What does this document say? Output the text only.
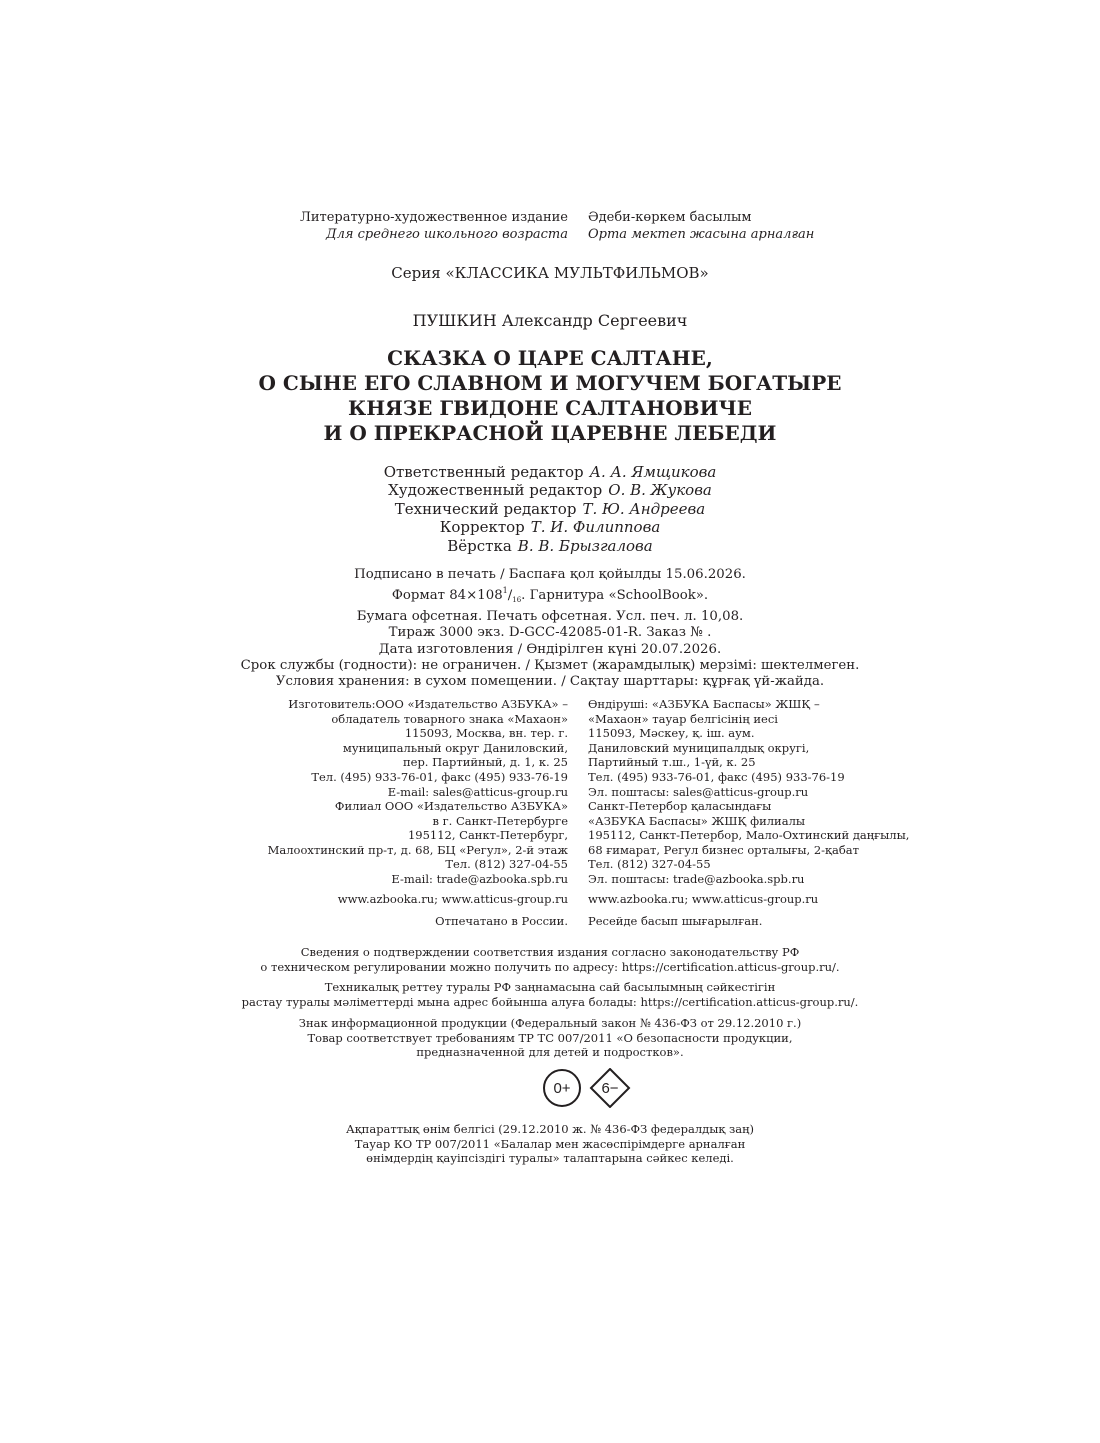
Литературно-художественное издание
Для среднего школьного возраста
Әдеби-көркем басылым
Орта мектеп жасына арналған
Серия «КЛАССИКА МУЛЬТФИЛЬМОВ»
ПУШКИН Александр Сергеевич
СКАЗКА О ЦАРЕ САЛТАНЕ,
О СЫНЕ ЕГО СЛАВНОМ И МОГУЧЕМ БОГАТЫРЕ
КНЯЗЕ ГВИДОНЕ САЛТАНОВИЧЕ
И О ПРЕКРАСНОЙ ЦАРЕВНЕ ЛЕБЕДИ
Ответственный редактор А. А. Ямщикова
Художественный редактор О. В. Жукова
Технический редактор Т. Ю. Андреева
Корректор Т. И. Филиппова
Вёрстка В. В. Брызгалова
Подписано в печать / Баспаға қол қойылды 15.06.2026.
Формат $84\times 108^1/_{16}$. Гарнитура «SchoolBook».
Бумага офсетная. Печать офсетная. Усл. печ. л. 10,08.
Тираж 3000 экз. D-GCC-42085-01-R. Заказ № .
Дата изготовления / Өндірілген күні 20.07.2026.
Срок службы (годности): не ограничен. / Қызмет (жарамдылық) мерзімі: шектелмеген.
Условия хранения: в сухом помещении. / Сақтау шарттары: құрғақ үй-жайда.
Изготовитель:ООО «Издательство АЗБУКА» –
обладатель товарного знака «Махаон»
115093, Москва, вн. тер. г.
муниципальный округ Даниловский,
пер. Партийный, д. 1, к. 25
Тел. (495) 933-76-01, факс (495) 933-76-19
E-mail: sales@atticus-group.ru
Өндіруші: «АЗБУКА Баспасы» ЖШҚ –
«Махаон» тауар белгісінің иесі
115093, Мәскеу, қ. іш. аум.
Даниловский муниципалдық округі,
Партийный т.ш., 1-үй, к. 25
Тел. (495) 933-76-01, факс (495) 933-76-19
Эл. поштасы: sales@atticus-group.ru
Филиал ООО «Издательство АЗБУКА»
в г. Санкт-Петербурге
195112, Санкт-Петербург,
Малоохтинский пр-т, д. 68, БЦ «Регул», 2-й этаж
Тел. (812) 327-04-55
E-mail: trade@azbooka.spb.ru
Санкт-Петербор қаласындағы
«АЗБУКА Баспасы» ЖШҚ филиалы
195112, Санкт-Петербор, Мало-Охтинский даңғылы,
68 ғимарат, Регул бизнес орталығы, 2-қабат
Тел. (812) 327-04-55
Эл. поштасы: trade@azbooka.spb.ru
www.azbooka.ru; www.atticus-group.ru www.azbooka.ru; www.atticus-group.ru
Отпечатано в России. Ресейде басып шығарылған.
Сведения о подтверждении соответствия издания согласно законодательству РФ
о техническом регулировании можно получить по адресу: https://certification.atticus-group.ru/.
Техникалық реттеу туралы РФ заңнамасына сай басылымның сәйкестігін
растау туралы мәліметтерді мына адрес бойынша алуға болады: https://certification.atticus-group.ru/.
Знак информационной продукции (Федеральный закон № 436-ФЗ от 29.12.2010 г.)
Товар соответствует требованиям ТР ТС 007/2011 «О безопасности продукции,
предназначенной для детей и подростков».
0+ 6−
Ақпараттық өнім белгісі (29.12.2010 ж. № 436-ФЗ федералдық заң)
Тауар КО ТР 007/2011 «Балалар мен жасөспірімдерге арналған
өнімдердің қауіпсіздігі туралы» талаптарына сәйкес келеді.
